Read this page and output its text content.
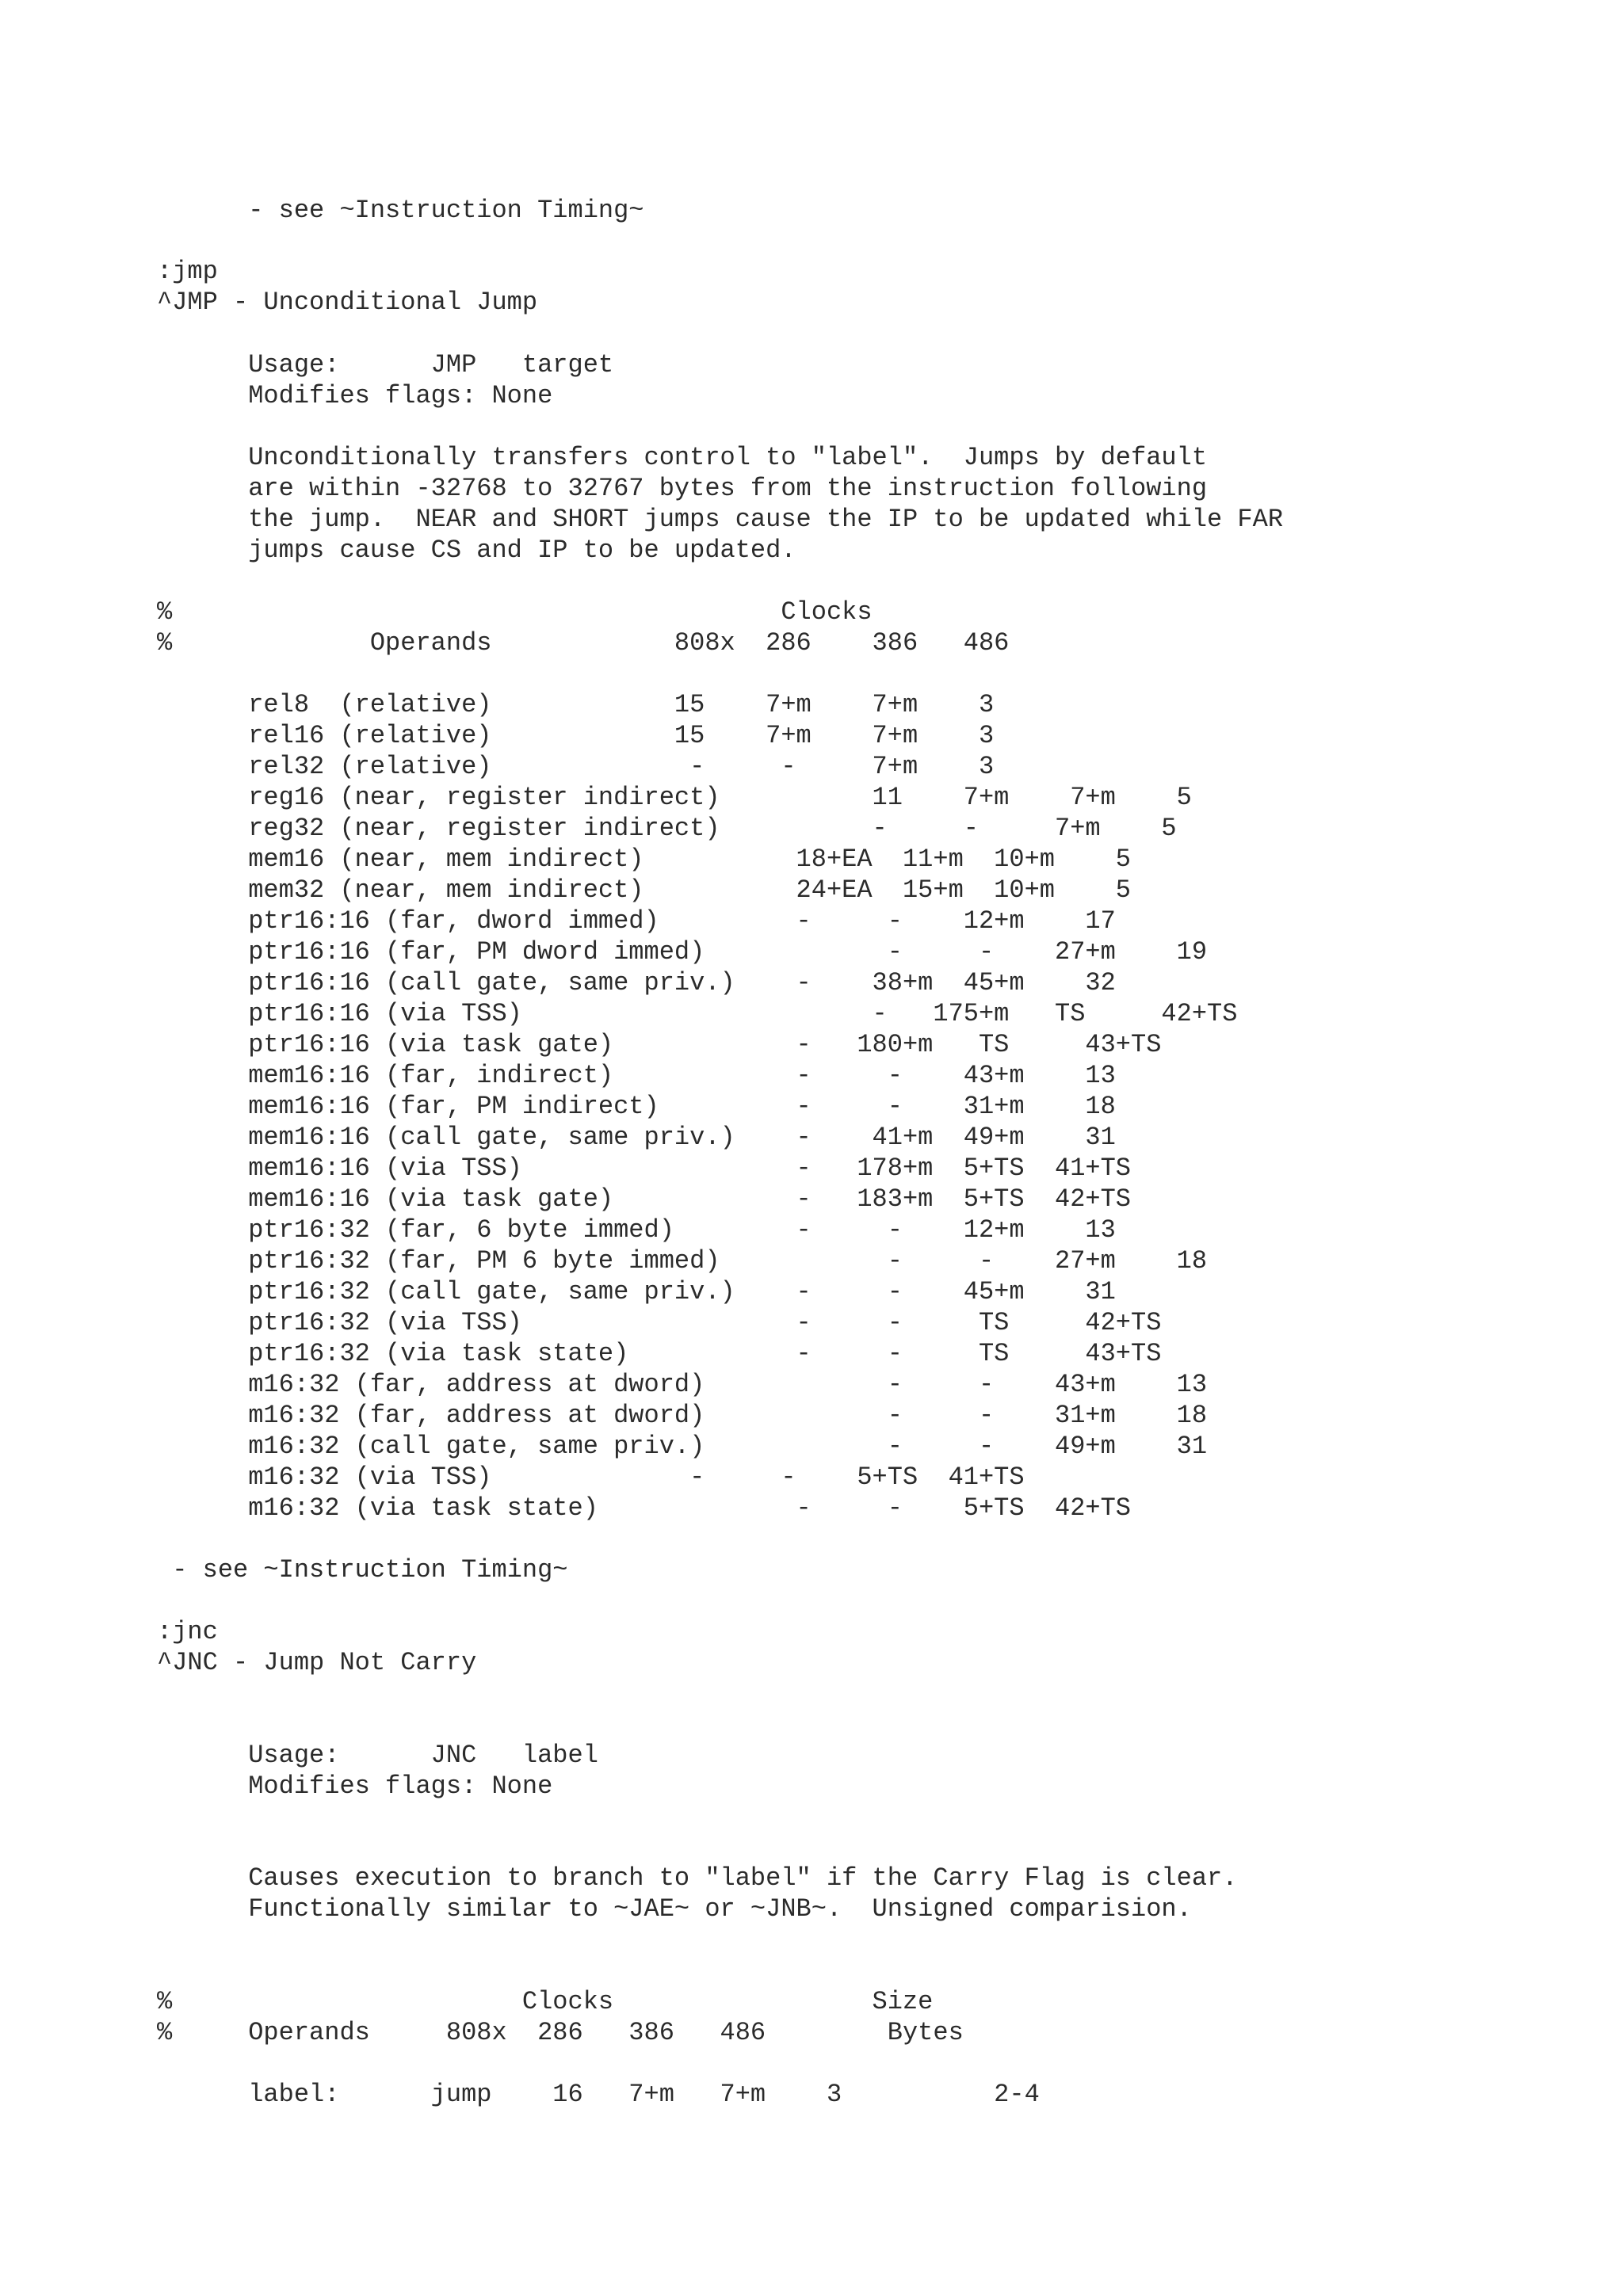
- see ~Instruction Timing~
:jmp
^JMP - Unconditional Jump
Usage:      JMP   target
Modifies flags: None
Unconditionally transfers control to "label".  Jumps by default
are within -32768 to 32767 bytes from the instruction following
the jump.  NEAR and SHORT jumps cause the IP to be updated while FAR
jumps cause CS and IP to be updated.
%                                        Clocks
%             Operands            808x  286    386   486
rel8  (relative)            15    7+m    7+m    3
rel16 (relative)            15    7+m    7+m    3
rel32 (relative)             -     -     7+m    3
reg16 (near, register indirect)          11    7+m    7+m    5
reg32 (near, register indirect)          -     -     7+m    5
mem16 (near, mem indirect)          18+EA  11+m  10+m    5
mem32 (near, mem indirect)          24+EA  15+m  10+m    5
ptr16:16 (far, dword immed)         -     -    12+m    17
ptr16:16 (far, PM dword immed)            -     -    27+m    19
ptr16:16 (call gate, same priv.)    -    38+m  45+m    32
ptr16:16 (via TSS)                       -   175+m   TS     42+TS
ptr16:16 (via task gate)            -   180+m   TS     43+TS
mem16:16 (far, indirect)            -     -    43+m    13
mem16:16 (far, PM indirect)         -     -    31+m    18
mem16:16 (call gate, same priv.)    -    41+m  49+m    31
mem16:16 (via TSS)                  -   178+m  5+TS  41+TS
mem16:16 (via task gate)            -   183+m  5+TS  42+TS
ptr16:32 (far, 6 byte immed)        -     -    12+m    13
ptr16:32 (far, PM 6 byte immed)           -     -    27+m    18
ptr16:32 (call gate, same priv.)    -     -    45+m    31
ptr16:32 (via TSS)                  -     -     TS     42+TS
ptr16:32 (via task state)           -     -     TS     43+TS
m16:32 (far, address at dword)            -     -    43+m    13
m16:32 (far, address at dword)            -     -    31+m    18
m16:32 (call gate, same priv.)            -     -    49+m    31
m16:32 (via TSS)             -     -    5+TS  41+TS
m16:32 (via task state)             -     -    5+TS  42+TS
- see ~Instruction Timing~
:jnc
^JNC - Jump Not Carry
Usage:      JNC   label
Modifies flags: None
Causes execution to branch to "label" if the Carry Flag is clear.
Functionally similar to ~JAE~ or ~JNB~.  Unsigned comparision.
%                       Clocks                 Size
%     Operands     808x  286   386   486        Bytes
label:      jump    16   7+m   7+m    3          2-4
